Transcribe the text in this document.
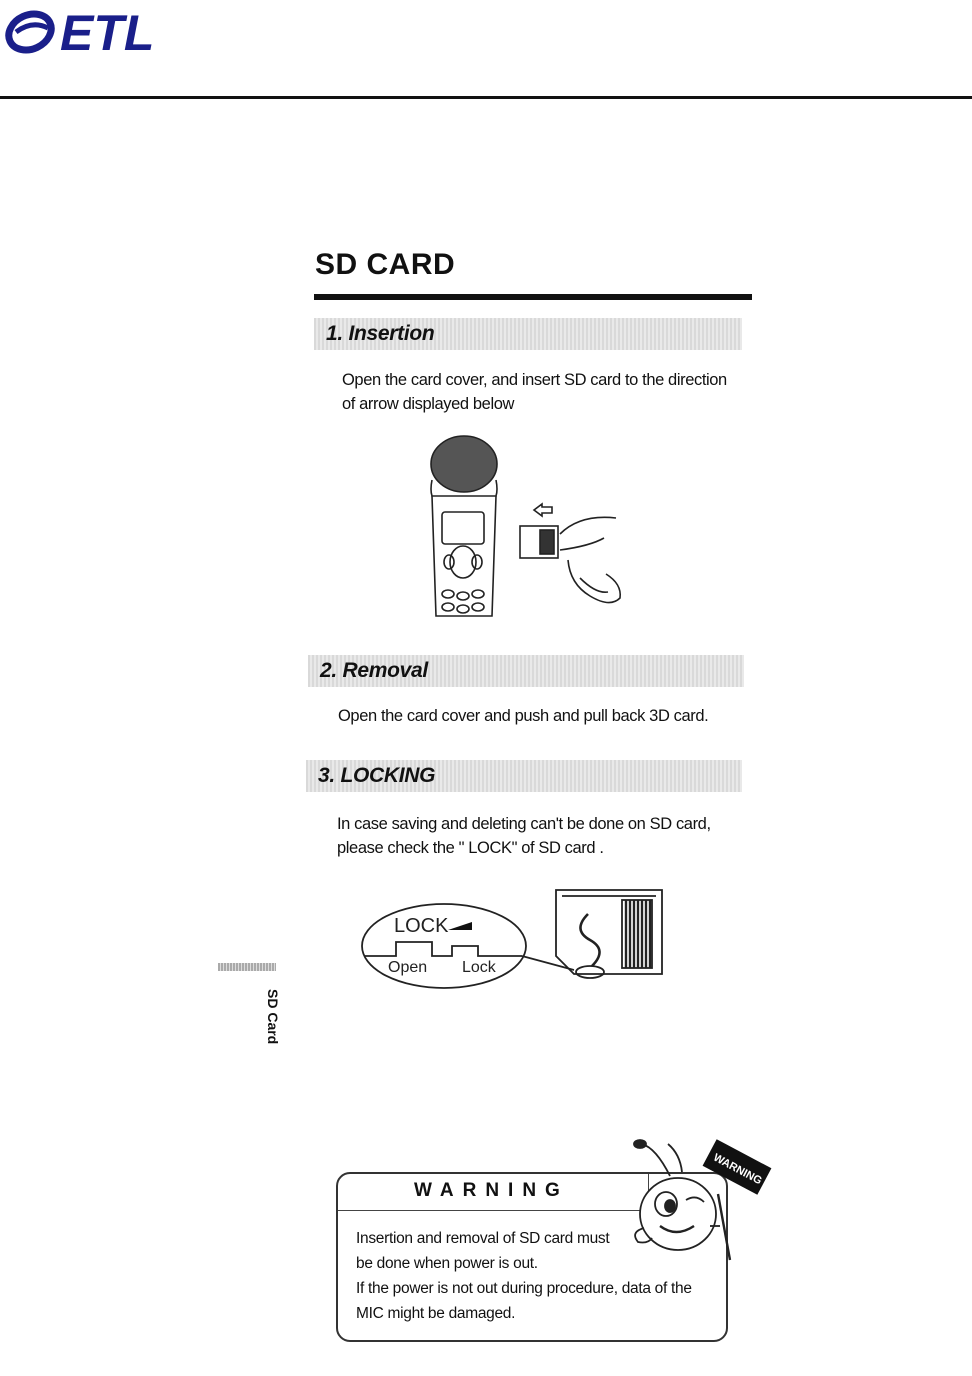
ETL
SD CARD
1. Insertion
Open the card cover, and insert SD card to the direction
of arrow displayed below
2. Removal
Open the card cover and push and pull back 3D card.
3. LOCKING
In case saving and deleting can't be done on SD card,
please check the " LOCK" of SD card .
LOCK
Open Lock
SD Card
WARNING
Insertion and removal of SD card must
be done when power is out.
If the power is not out during procedure, data of the
MIC might be damaged.
WARNING
